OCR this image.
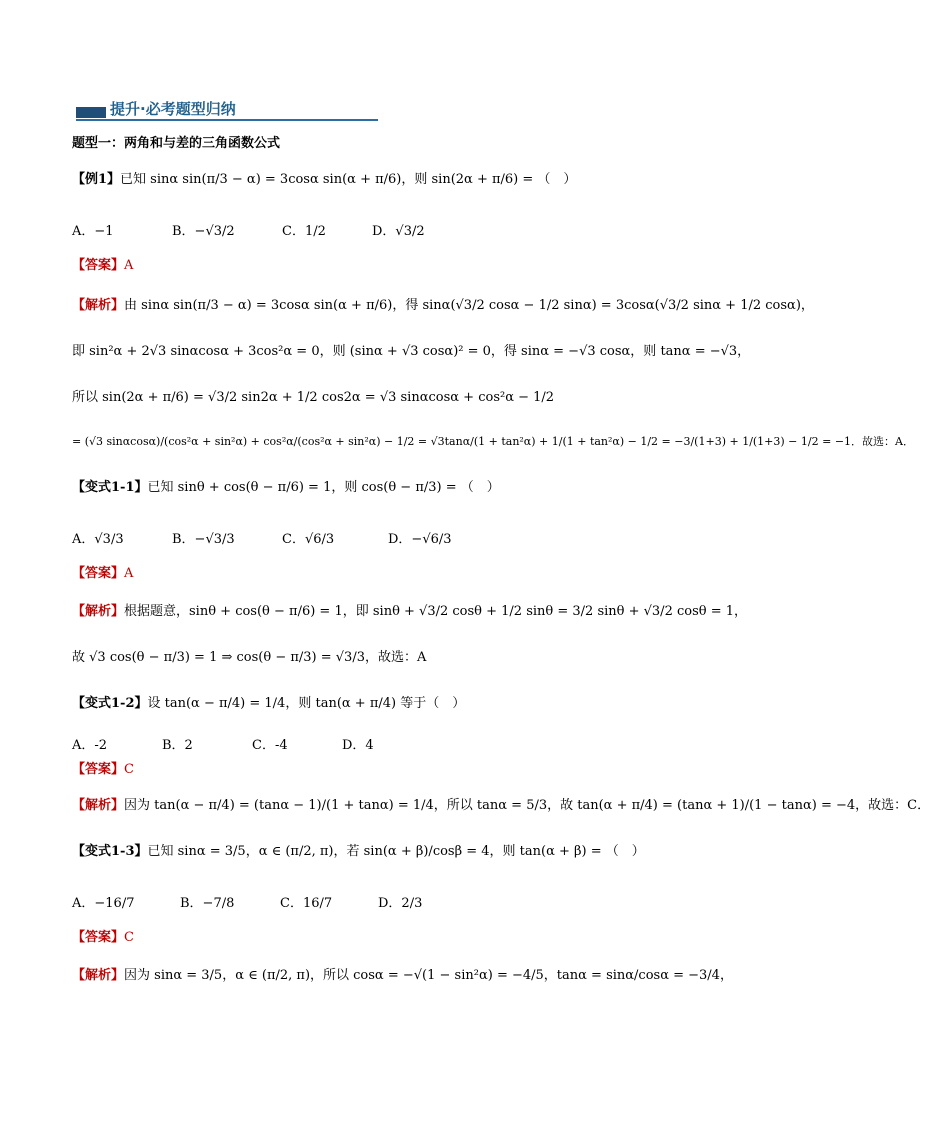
提升·必考题型归纳
题型一：两角和与差的三角函数公式
【例1】已知 sinα sin(π/3 − α) = 3cosα sin(α + π/6)，则 sin(2α + π/6) = （　）
A．−1	B．−√3/2	C．1/2	D．√3/2
【答案】A
【解析】由 sinα sin(π/3 − α) = 3cosα sin(α + π/6)，得 sinα(√3/2 cosα − 1/2 sinα) = 3cosα(√3/2 sinα + 1/2 cosα)，
即 sin²α + 2√3 sinαcosα + 3cos²α = 0，则 (sinα + √3 cosα)² = 0，得 sinα = −√3 cosα，则 tanα = −√3，
所以 sin(2α + π/6) = √3/2 sin2α + 1/2 cos2α = √3 sinαcosα + cos²α − 1/2
= (√3 sinαcosα)/(cos²α + sin²α) + cos²α/(cos²α + sin²α) − 1/2 = √3tanα/(1 + tan²α) + 1/(1 + tan²α) − 1/2 = −3/(1+3) + 1/(1+3) − 1/2 = −1．故选：A．
【变式1-1】已知 sinθ + cos(θ − π/6) = 1，则 cos(θ − π/3) = （　）
A．√3/3	B．−√3/3	C．√6/3	D．−√6/3
【答案】A
【解析】根据题意，sinθ + cos(θ − π/6) = 1，即 sinθ + √3/2 cosθ + 1/2 sinθ = 3/2 sinθ + √3/2 cosθ = 1，
故 √3 cos(θ − π/3) = 1 ⇒ cos(θ − π/3) = √3/3，故选：A
【变式1-2】设 tan(α − π/4) = 1/4，则 tan(α + π/4) 等于（　）
A．-2	B．2	C．-4	D．4
【答案】C
【解析】因为 tan(α − π/4) = (tanα − 1)/(1 + tanα) = 1/4，所以 tanα = 5/3，故 tan(α + π/4) = (tanα + 1)/(1 − tanα) = −4，故选：C．
【变式1-3】已知 sinα = 3/5，α ∈ (π/2, π)，若 sin(α + β)/cosβ = 4，则 tan(α + β) = （　）
A．−16/7	B．−7/8	C．16/7	D．2/3
【答案】C
【解析】因为 sinα = 3/5，α ∈ (π/2, π)，所以 cosα = −√(1 − sin²α) = −4/5，tanα = sinα/cosα = −3/4，
